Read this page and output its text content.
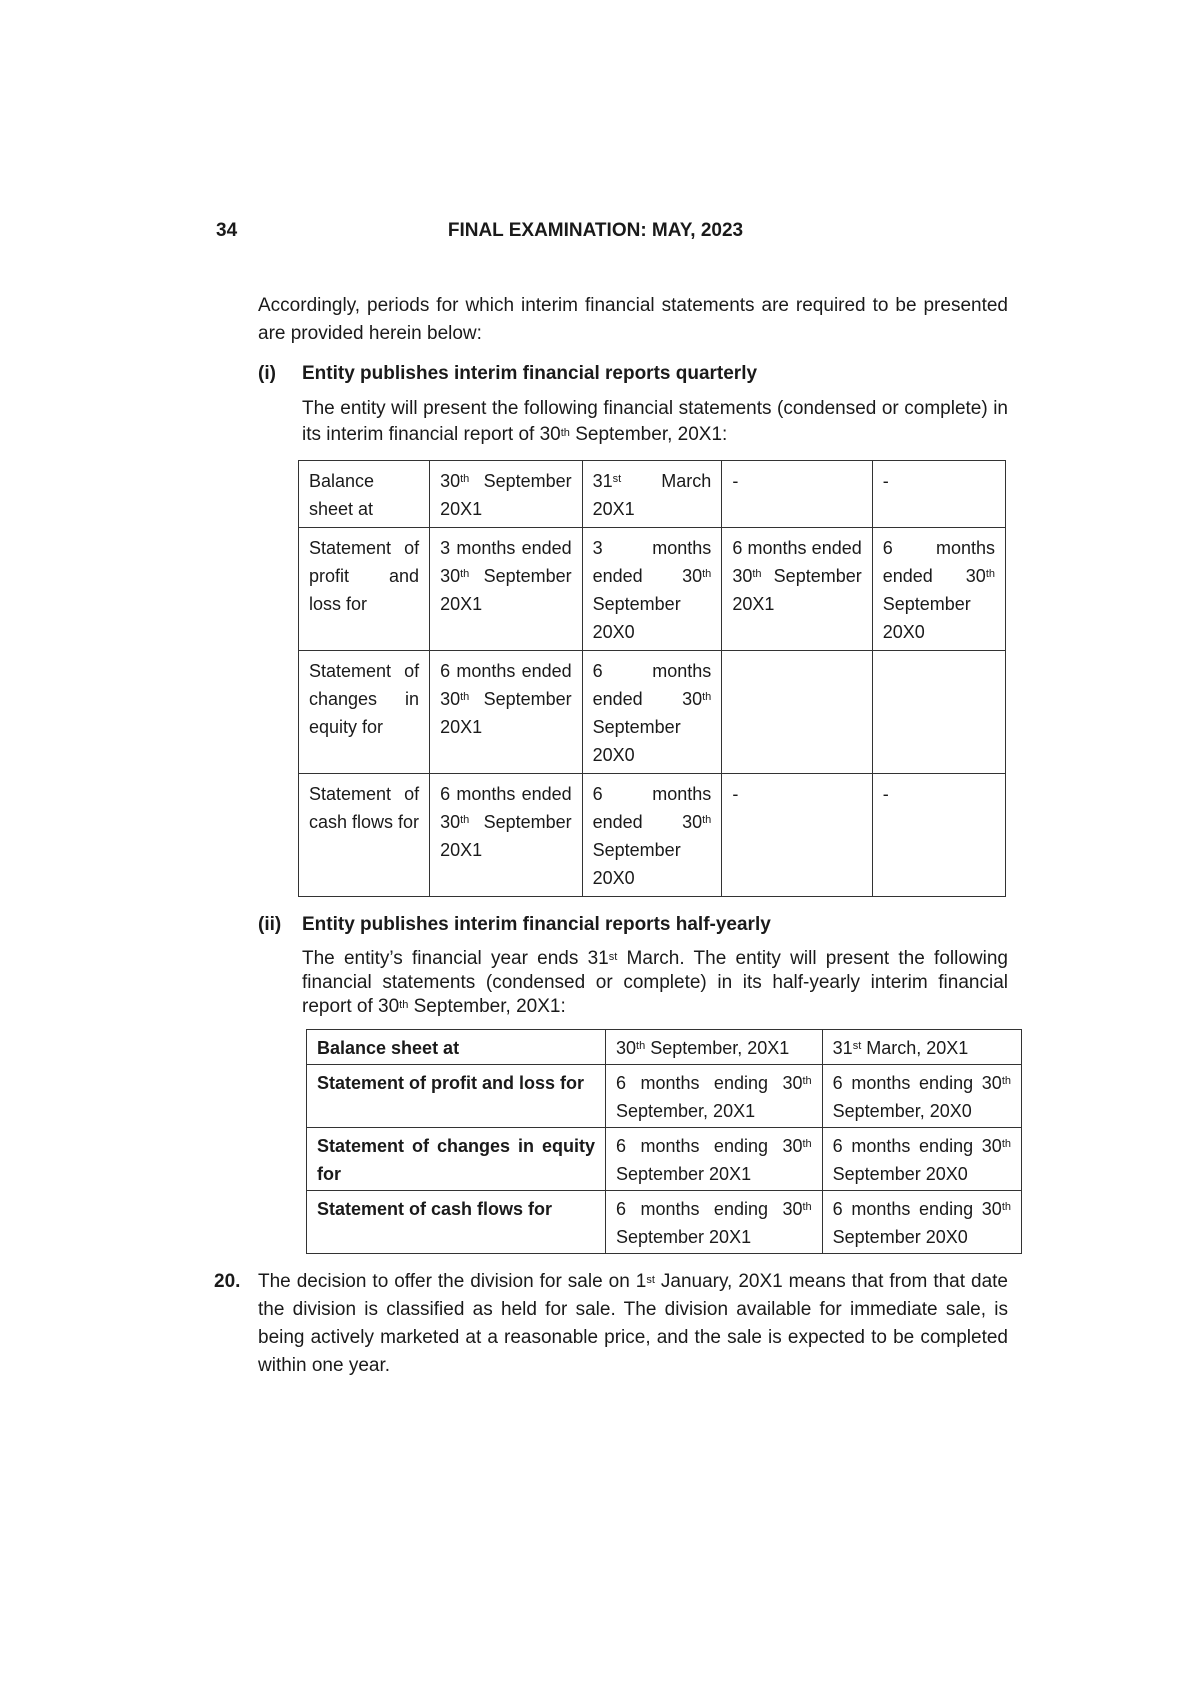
34	FINAL EXAMINATION: MAY, 2023

Accordingly, periods for which interim financial statements are required to be presented are provided herein below:

(i)	Entity publishes interim financial reports quarterly

The entity will present the following financial statements (condensed or complete) in its interim financial report of 30th September, 20X1:

Balance sheet at	30th September 20X1	31st March 20X1	-	-
Statement of profit and loss for	3 months ended 30th September 20X1	3 months ended 30th September 20X0	6 months ended 30th September 20X1	6 months ended 30th September 20X0
Statement of changes in equity for	6 months ended 30th September 20X1	6 months ended 30th September 20X0		
Statement of cash flows for	6 months ended 30th September 20X1	6 months ended 30th September 20X0	-	-
(ii)	Entity publishes interim financial reports half-yearly

The entity’s financial year ends 31st March. The entity will present the following financial statements (condensed or complete) in its half-yearly interim financial report of 30th September, 20X1:

Balance sheet at	30th September, 20X1	31st March, 20X1
Statement of profit and loss for	6 months ending 30th September, 20X1	6 months ending 30th September, 20X0
Statement of changes in equity for	6 months ending 30th September 20X1	6 months ending 30th September 20X0
Statement of cash flows for	6 months ending 30th September 20X1	6 months ending 30th September 20X0

20. The decision to offer the division for sale on 1st January, 20X1 means that from that date the division is classified as held for sale. The division available for immediate sale, is being actively marketed at a reasonable price, and the sale is expected to be completed within one year.
